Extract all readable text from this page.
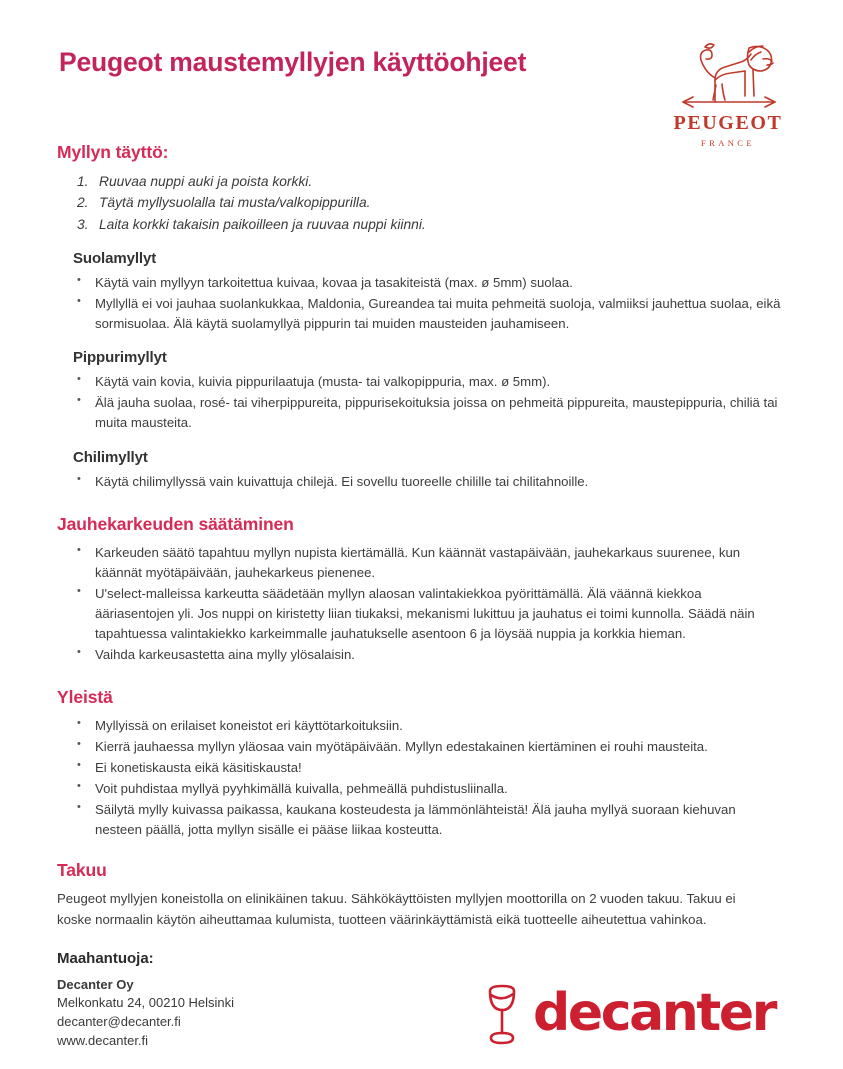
Peugeot maustemyllyjen käyttöohjeet
PEUGEOT
FRANCE
Myllyn täyttö:
1. Ruuvaa nuppi auki ja poista korkki.
2. Täytä myllysuolalla tai musta/valkopippurilla.
3. Laita korkki takaisin paikoilleen ja ruuvaa nuppi kiinni.
Suolamyllyt
• Käytä vain myllyyn tarkoitettua kuivaa, kovaa ja tasakiteistä (max. ø 5mm) suolaa.
• Myllyllä ei voi jauhaa suolankukkaa, Maldonia, Gureandea tai muita pehmeitä suoloja, valmiiksi jauhettua suolaa, eikä sormisuolaa. Älä käytä suolamyllyä pippurin tai muiden mausteiden jauhamiseen.
Pippurimyllyt
• Käytä vain kovia, kuivia pippurilaatuja (musta- tai valkopippuria, max. ø 5mm).
• Älä jauha suolaa, rosé- tai viherpippureita, pippurisekoituksia joissa on pehmeitä pippureita, maustepippuria, chiliä tai muita mausteita.
Chilimyllyt
• Käytä chilimyllyssä vain kuivattuja chilejä. Ei sovellu tuoreelle chilille tai chilitahnoille.
Jauhekarkeuden säätäminen
• Karkeuden säätö tapahtuu myllyn nupista kiertämällä. Kun käännät vastapäivään, jauhekarkaus suurenee, kun käännät myötäpäivään, jauhekarkeus pienenee.
• U'select-malleissa karkeutta säädetään myllyn alaosan valintakiekkoa pyörittämällä. Älä väännä kiekkoa ääriasentojen yli. Jos nuppi on kiristetty liian tiukaksi, mekanismi lukittuu ja jauhatus ei toimi kunnolla. Säädä näin tapahtuessa valintakiekko karkeimmalle jauhatukselle asentoon 6 ja löysää nuppia ja korkkia hieman.
• Vaihda karkeusastetta aina mylly ylösalaisin.
Yleistä
• Myllyissä on erilaiset koneistot eri käyttötarkoituksiin.
• Kierrä jauhaessa myllyn yläosaa vain myötäpäivään. Myllyn edestakainen kiertäminen ei rouhi mausteita.
• Ei konetiskausta eikä käsitiskausta!
• Voit puhdistaa myllyä pyyhkimällä kuivalla, pehmeällä puhdistusliinalla.
• Säilytä mylly kuivassa paikassa, kaukana kosteudesta ja lämmönlähteistä! Älä jauha myllyä suoraan kiehuvan nesteen päällä, jotta myllyn sisälle ei pääse liikaa kosteutta.
Takuu

Peugeot myllyjen koneistolla on elinikäinen takuu. Sähkökäyttöisten myllyjen moottorilla on 2 vuoden takuu. Takuu ei koske normaalin käytön aiheuttamaa kulumista, tuotteen väärinkäyttämistä eikä tuotteelle aiheutettua vahinkoa.

Maahantuoja:
Decanter Oy
Melkonkatu 24, 00210 Helsinki
decanter@decanter.fi
www.decanter.fi	decanter
